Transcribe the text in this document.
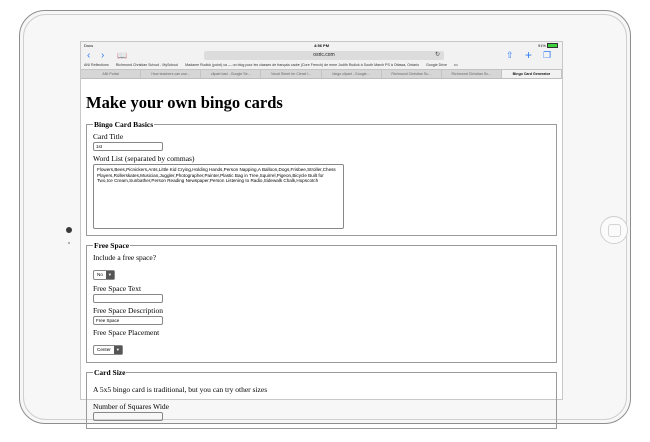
Docs	4:56 PM	91%
‹ › 📖	osric.com	↻	⇧ + ❐
ANI Reflections Richmond Christian School - MySchool Madame Rudick (point) ca — un blog pour les classes de français cadre (Core French) de mme Judith Rudick à South March PS à Ottawa, Ontario Google Drive •••
ANI Portal	How teachers can use...	clipart bad - Google Se...	Vocal Sheet for Clerat I...	bingo clipart - Google...	Richmond Christian Sc...	Richmond Christian Sc...	Bingo Card Generator
Make your own bingo cards
Bingo Card Basics
Card Title
1st
Word List (separated by commas)
Flowers,Bees,Picnickers,Ants,Little Kid Crying,Holding Hands,Person Napping,A Balloon,Dogs,Frisbee,Stroller,Chess Players,Rollerskates,Musician,Juggler,Photographer,Painter,Plastic Bag in Tree,Squirrel,Pigeon,Bicycle Built for Two,Ice Cream,Sunbather,Person Reading Newspaper,Person Listening to Radio,Sidewalk Chalk,Hopscotch
Free Space
Include a free space?
No	▼
Free Space Text
Free Space Description
Free Space
Free Space Placement
Center	▼
Card Size
A 5x5 bingo card is traditional, but you can try other sizes
Number of Squares Wide
